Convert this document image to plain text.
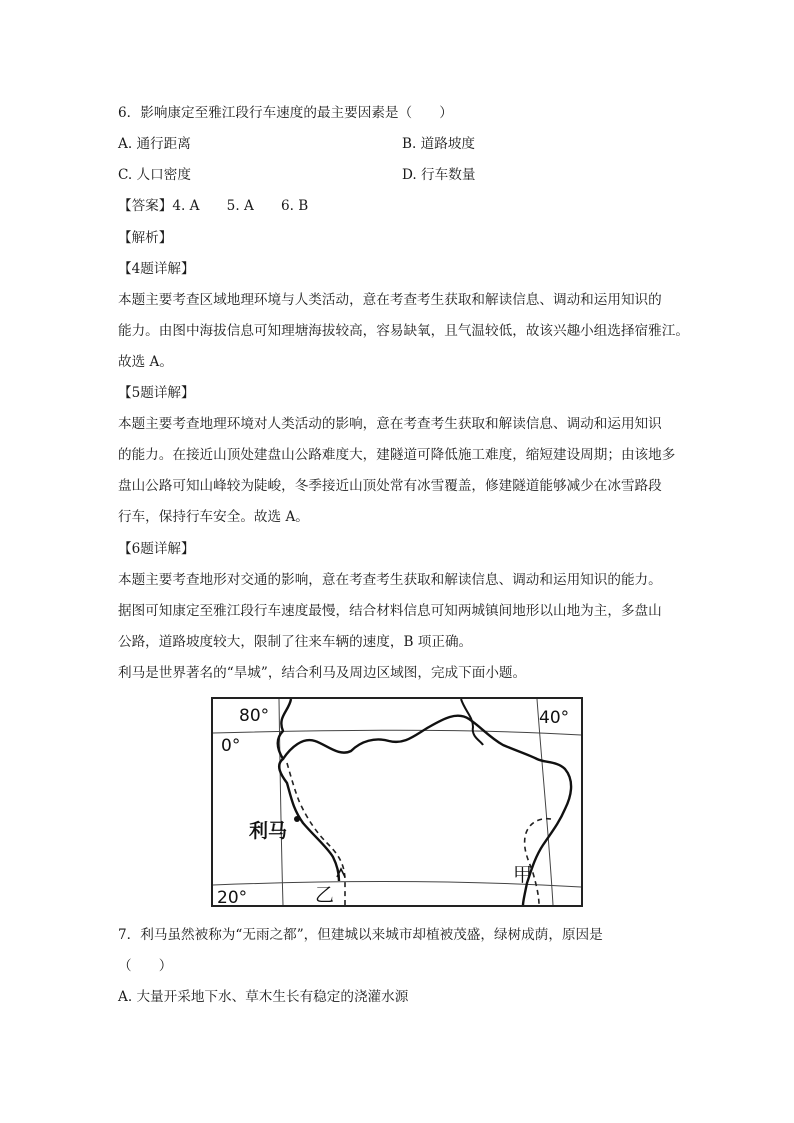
6．影响康定至雅江段行车速度的最主要因素是（　　）
A. 通行距离	B. 道路坡度
C. 人口密度	D. 行车数量
【答案】4. A　　5. A　　6. B
【解析】
【4题详解】
本题主要考查区域地理环境与人类活动，意在考查考生获取和解读信息、调动和运用知识的
能力。由图中海拔信息可知理塘海拔较高，容易缺氧，且气温较低，故该兴趣小组选择宿雅江。
故选 A。
【5题详解】
本题主要考查地理环境对人类活动的影响，意在考查考生获取和解读信息、调动和运用知识
的能力。在接近山顶处建盘山公路难度大，建隧道可降低施工难度，缩短建设周期；由该地多
盘山公路可知山峰较为陡峻，冬季接近山顶处常有冰雪覆盖，修建隧道能够减少在冰雪路段
行车，保持行车安全。故选 A。
【6题详解】
本题主要考查地形对交通的影响，意在考查考生获取和解读信息、调动和运用知识的能力。
据图可知康定至雅江段行车速度最慢，结合材料信息可知两城镇间地形以山地为主，多盘山
公路，道路坡度较大，限制了往来车辆的速度，B 项正确。
利马是世界著名的“旱城”，结合利马及周边区域图，完成下面小题。
80°	40°
0°
20°
利马
乙
甲
7．利马虽然被称为“无雨之都”，但建城以来城市却植被茂盛，绿树成荫，原因是
（　　）
A. 大量开采地下水、草木生长有稳定的浇灌水源
